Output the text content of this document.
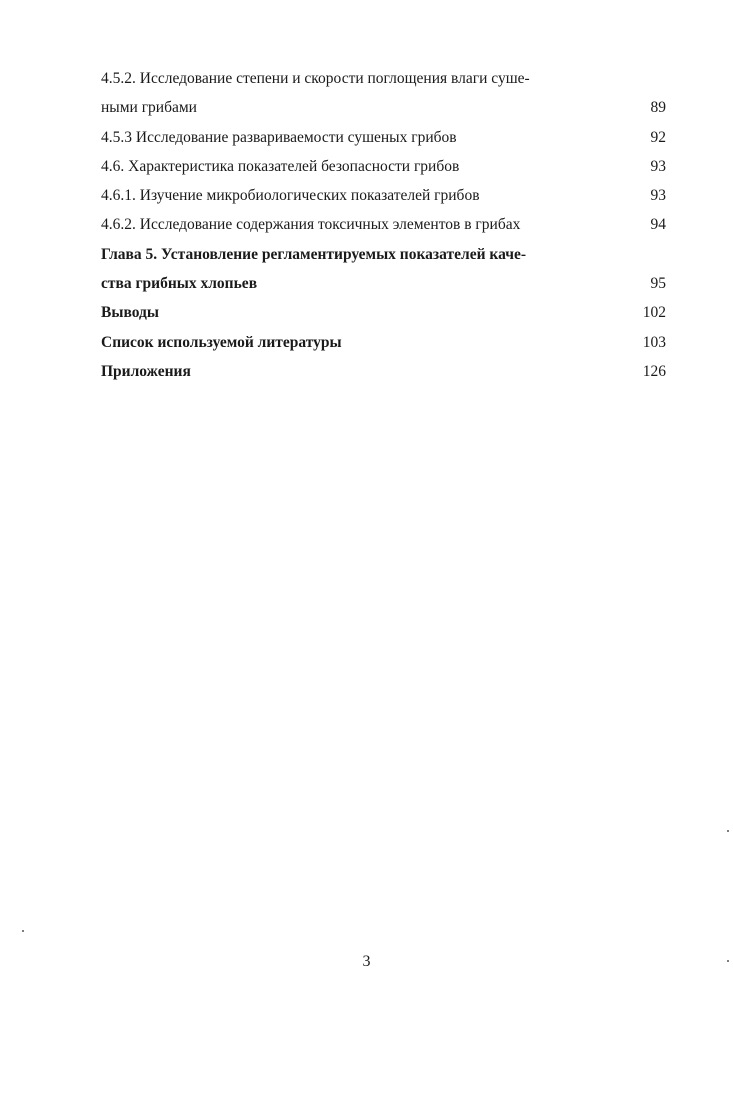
4.5.2. Исследование степени и скорости поглощения влаги суше-
ными грибами	89
4.5.3 Исследование развариваемости сушеных грибов	92
4.6. Характеристика показателей безопасности грибов	93
4.6.1. Изучение микробиологических показателей грибов	93
4.6.2. Исследование содержания токсичных элементов в грибах	94
Глава 5. Установление регламентируемых показателей каче-
ства грибных хлопьев	95
Выводы	102
Список используемой литературы	103
Приложения	126
3
